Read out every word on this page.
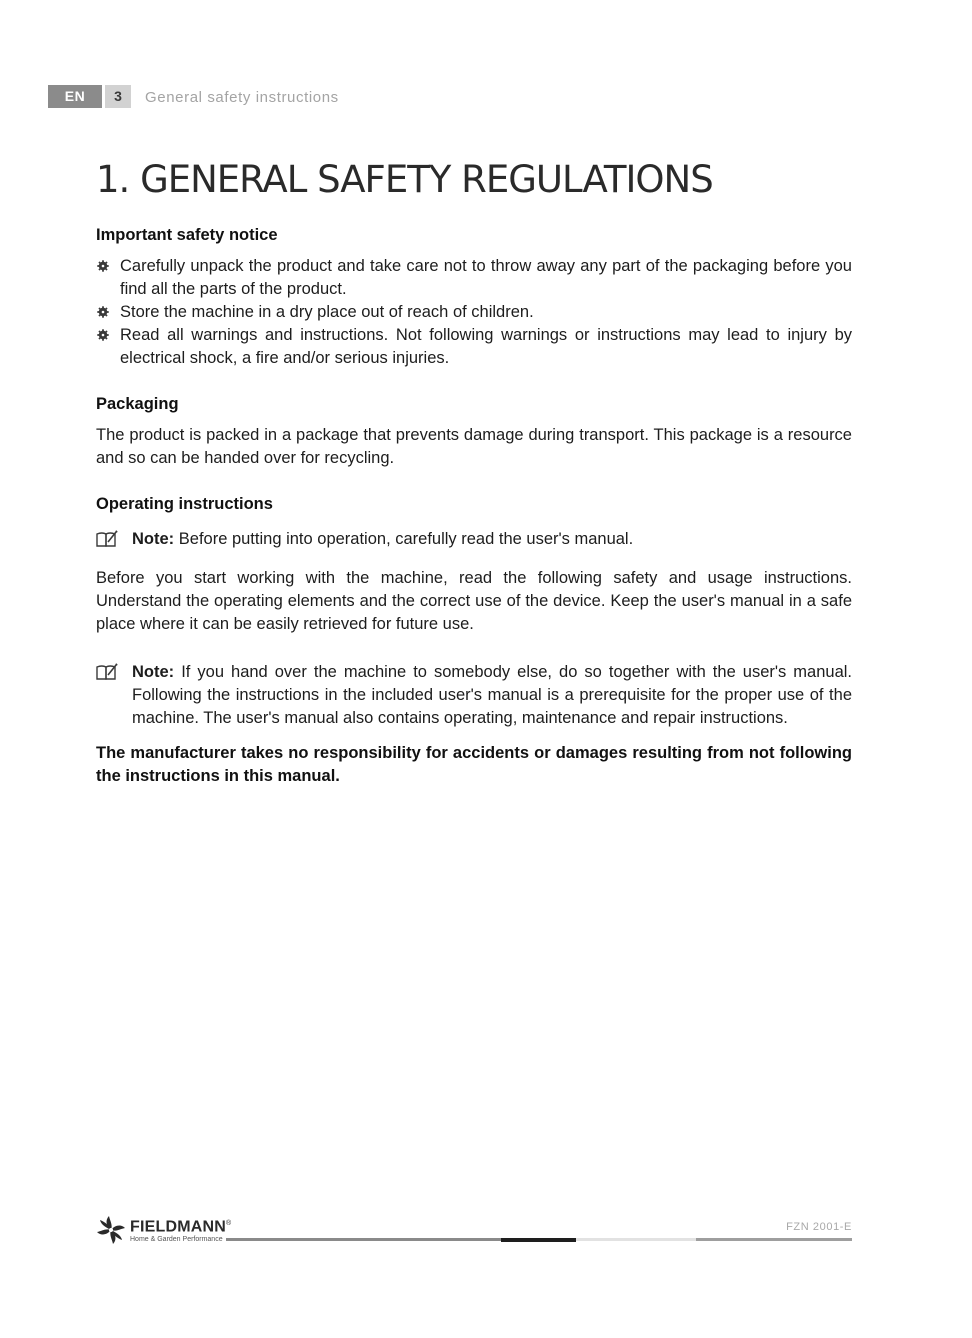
EN	3	General safety instructions
1. GENERAL SAFETY REGULATIONS
Important safety notice
Carefully unpack the product and take care not to throw away any part of the packaging before you find all the parts of the product.
Store the machine in a dry place out of reach of children.
Read all warnings and instructions. Not following warnings or instructions may lead to injury by electrical shock, a fire and/or serious injuries.
Packaging

The product is packed in a package that prevents damage during transport. This package is a resource and so can be handed over for recycling.

Operating instructions
Note: Before putting into operation, carefully read the user's manual.

Before you start working with the machine, read the following safety and usage instructions. Understand the operating elements and the correct use of the device. Keep the user's manual in a safe place where it can be easily retrieved for future use.

Note: If you hand over the machine to somebody else, do so together with the user's manual. Following the instructions in the included user's manual is a prerequisite for the proper use of the machine. The user's manual also contains operating, maintenance and repair instructions.

The manufacturer takes no responsibility for accidents or damages resulting from not following the instructions in this manual.

FIELDMANN®
Home & Garden Performance
FZN 2001-E
